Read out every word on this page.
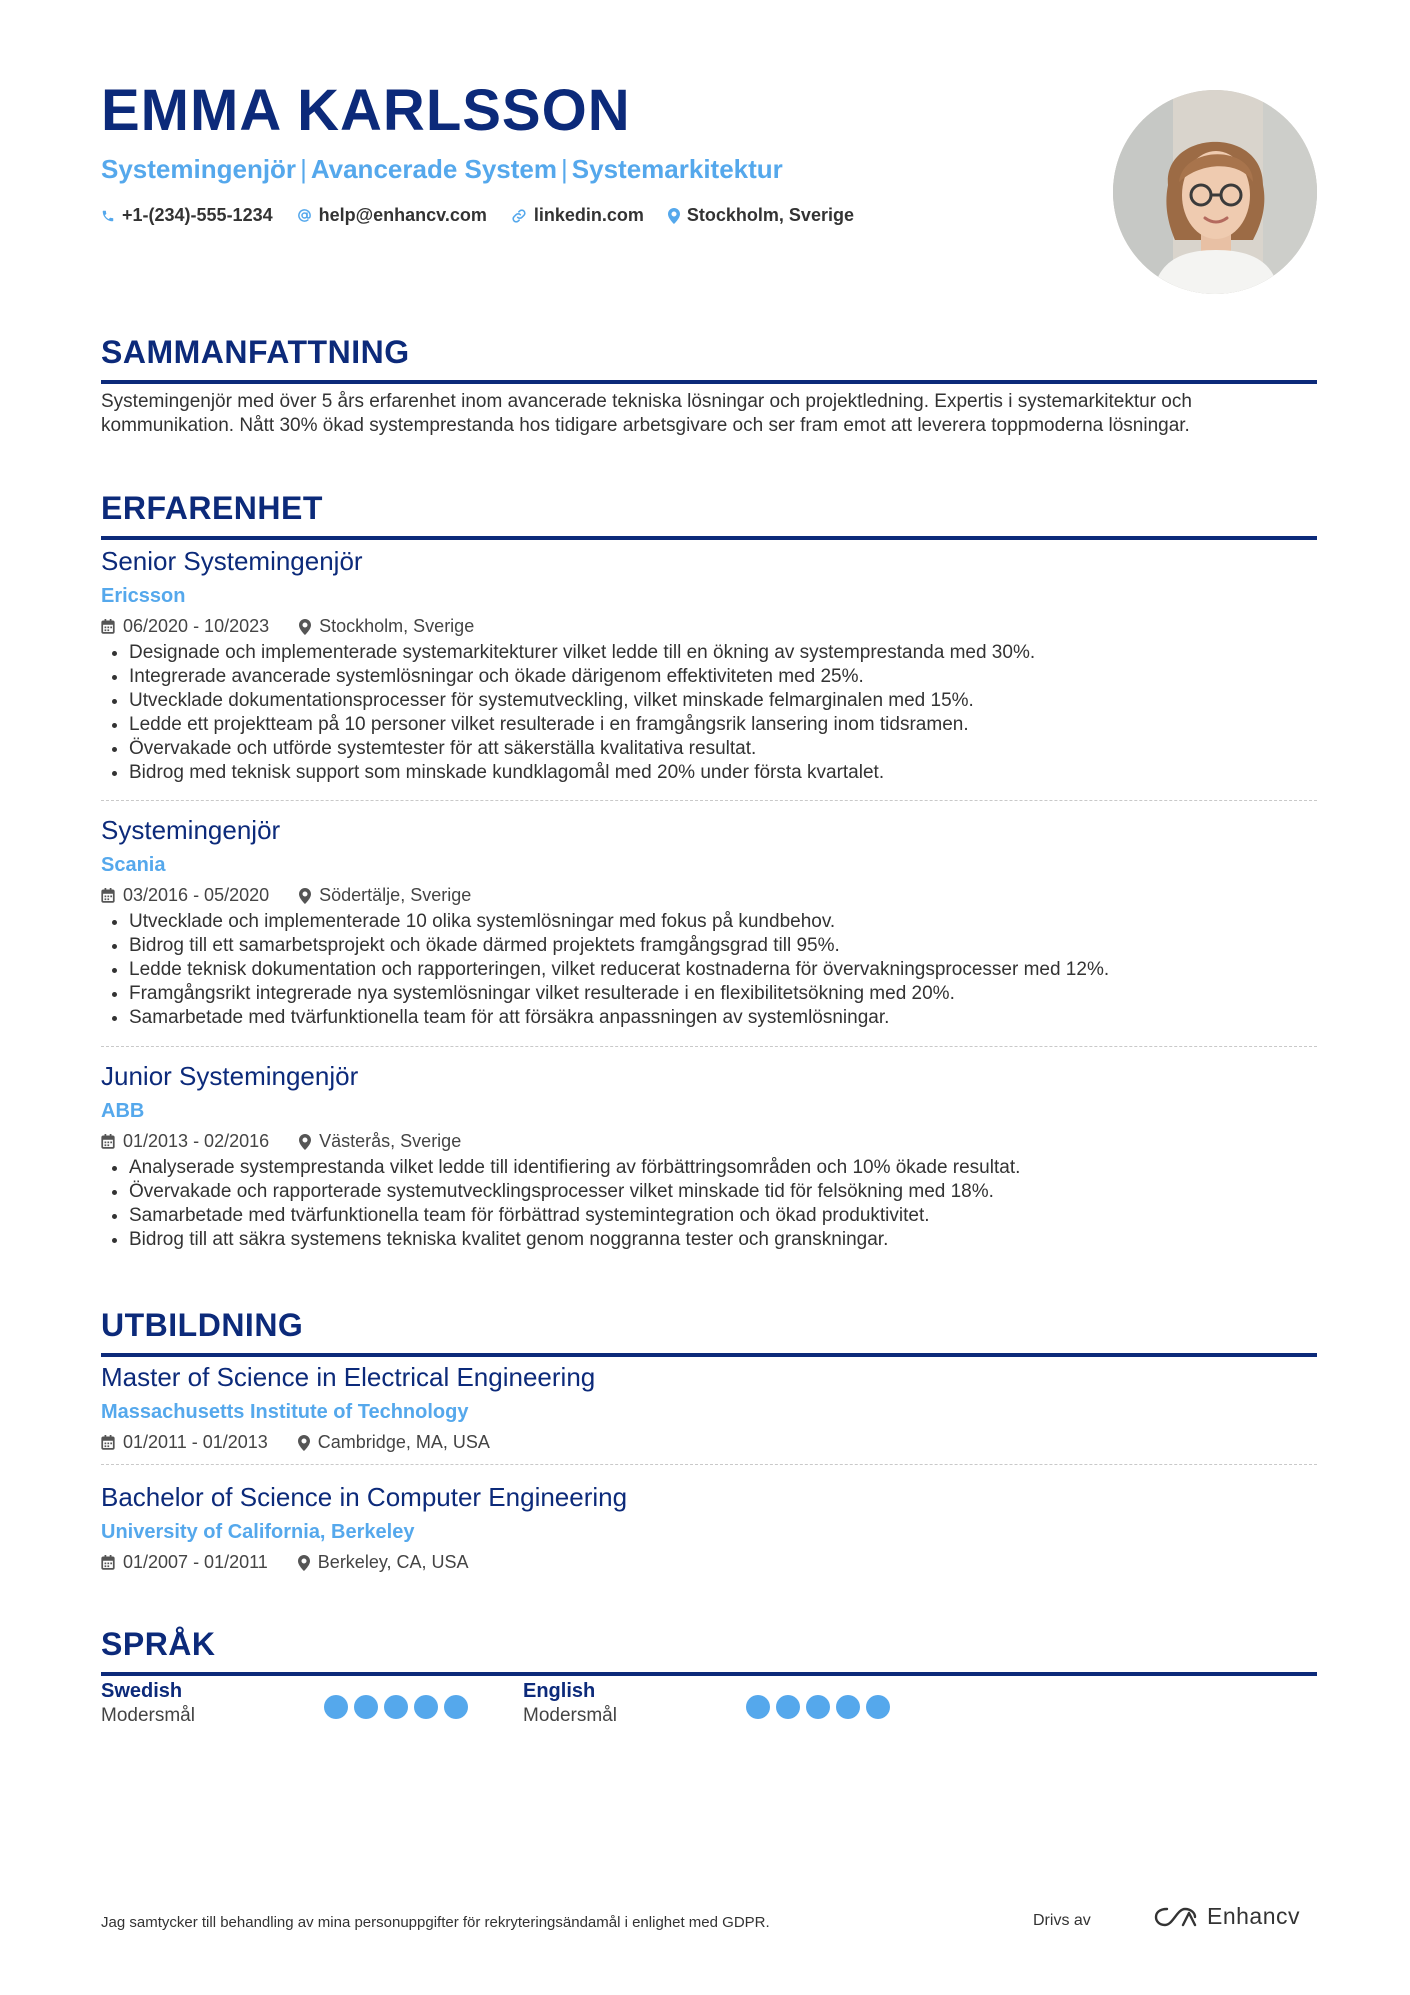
EMMA KARLSSON
Systemingenjör | Avancerade System | Systemarkitektur
+1-(234)-555-1234	help@enhancv.com	linkedin.com Stockholm, Sverige
SAMMANFATTNING
Systemingenjör med över 5 års erfarenhet inom avancerade tekniska lösningar och projektledning. Expertis i systemarkitektur och kommunikation. Nått 30% ökad systemprestanda hos tidigare arbetsgivare och ser fram emot att leverera toppmoderna lösningar.
ERFARENHET
Senior Systemingenjör
Ericsson
06/2020 - 10/2023	Stockholm, Sverige
• Designade och implementerade systemarkitekturer vilket ledde till en ökning av systemprestanda med 30%.
• Integrerade avancerade systemlösningar och ökade därigenom effektiviteten med 25%.
• Utvecklade dokumentationsprocesser för systemutveckling, vilket minskade felmarginalen med 15%.
• Ledde ett projektteam på 10 personer vilket resulterade i en framgångsrik lansering inom tidsramen.
• Övervakade och utförde systemtester för att säkerställa kvalitativa resultat.
• Bidrog med teknisk support som minskade kundklagomål med 20% under första kvartalet.
Systemingenjör
Scania
03/2016 - 05/2020	Södertälje, Sverige
• Utvecklade och implementerade 10 olika systemlösningar med fokus på kundbehov.
• Bidrog till ett samarbetsprojekt och ökade därmed projektets framgångsgrad till 95%.
• Ledde teknisk dokumentation och rapporteringen, vilket reducerat kostnaderna för övervakningsprocesser med 12%.
• Framgångsrikt integrerade nya systemlösningar vilket resulterade i en flexibilitetsökning med 20%.
• Samarbetade med tvärfunktionella team för att försäkra anpassningen av systemlösningar.
Junior Systemingenjör
ABB
01/2013 - 02/2016	Västerås, Sverige
• Analyserade systemprestanda vilket ledde till identifiering av förbättringsområden och 10% ökade resultat.
• Övervakade och rapporterade systemutvecklingsprocesser vilket minskade tid för felsökning med 18%.
• Samarbetade med tvärfunktionella team för förbättrad systemintegration och ökad produktivitet.
• Bidrog till att säkra systemens tekniska kvalitet genom noggranna tester och granskningar.
UTBILDNING
Master of Science in Electrical Engineering
Massachusetts Institute of Technology
01/2011 - 01/2013	Cambridge, MA, USA
Bachelor of Science in Computer Engineering
University of California, Berkeley
01/2007 - 01/2011	Berkeley, CA, USA
SPRÅK
Swedish
Modersmål
English
Modersmål
Jag samtycker till behandling av mina personuppgifter för rekryteringsändamål i enlighet med GDPR.	Drivs av	Enhancv
